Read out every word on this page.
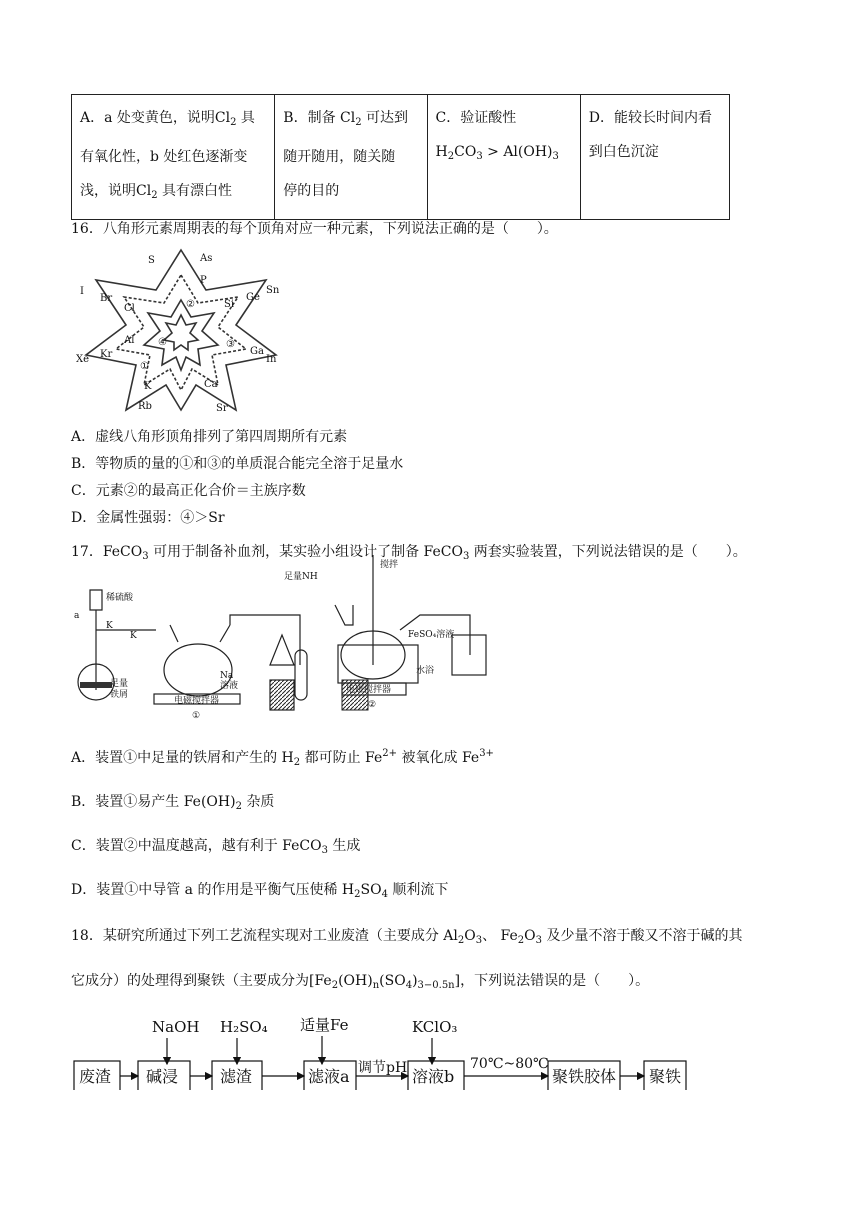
A．a 处变黄色，说明$Cl_2$ 具
有氧化性，b 处红色逐渐变
浅，说明$Cl_2$ 具有漂白性	B．制备 $Cl_2$ 可达到
随开随用，随关随
停的目的	C．验证酸性
$H_2CO_3 > Al(OH)_3$	D．能较长时间内看
到白色沉淀
16．八角形元素周期表的每个顶角对应一种元素，下列说法正确的是（　　）。
I	Sn
Xe	In
Rb	Sr
S	As
Br	Ge
Cl	Si
P
Kr	Ga
Al
K	Ca
①
②
③
④
A．虚线八角形顶角排列了第四周期所有元素
B．等物质的量的①和③的单质混合能完全溶于足量水
C．元素②的最高正化合价＝主族序数
D．金属性强弱：④＞Sr
17．FeCO$_3$ 可用于制备补血剂，某实验小组设计了制备 FeCO$_3$ 两套实验装置，下列说法错误的是（　　）。
稀硫酸
a
K
K
足量
铁屑
Na
溶液
电磁搅拌器
①
搅拌
足量NH
FeSO₄溶液
水浴
电磁搅拌器
②
A．装置①中足量的铁屑和产生的 $H_2$ 都可防止 $Fe^{2+}$ 被氧化成 $Fe^{3+}$
B．装置①易产生 $Fe(OH)_2$ 杂质
C．装置②中温度越高，越有利于 FeCO$_3$ 生成
D．装置①中导管 a 的作用是平衡气压使稀 $H_2SO_4$ 顺利流下
18．某研究所通过下列工艺流程实现对工业废渣（主要成分 $Al_2O_3$、 $Fe_2O_3$ 及少量不溶于酸又不溶于碱的其
它成分）的处理得到聚铁（主要成分为$[Fe_2(OH)_n(SO_4)_{3-0.5n}]$，下列说法错误的是（　　）。
NaOH H₂SO₄ 适量Fe	KClO₃
废渣 碱浸	滤渣	滤液a 调节pH 溶液b
70℃~80℃
聚铁胶体 聚铁
